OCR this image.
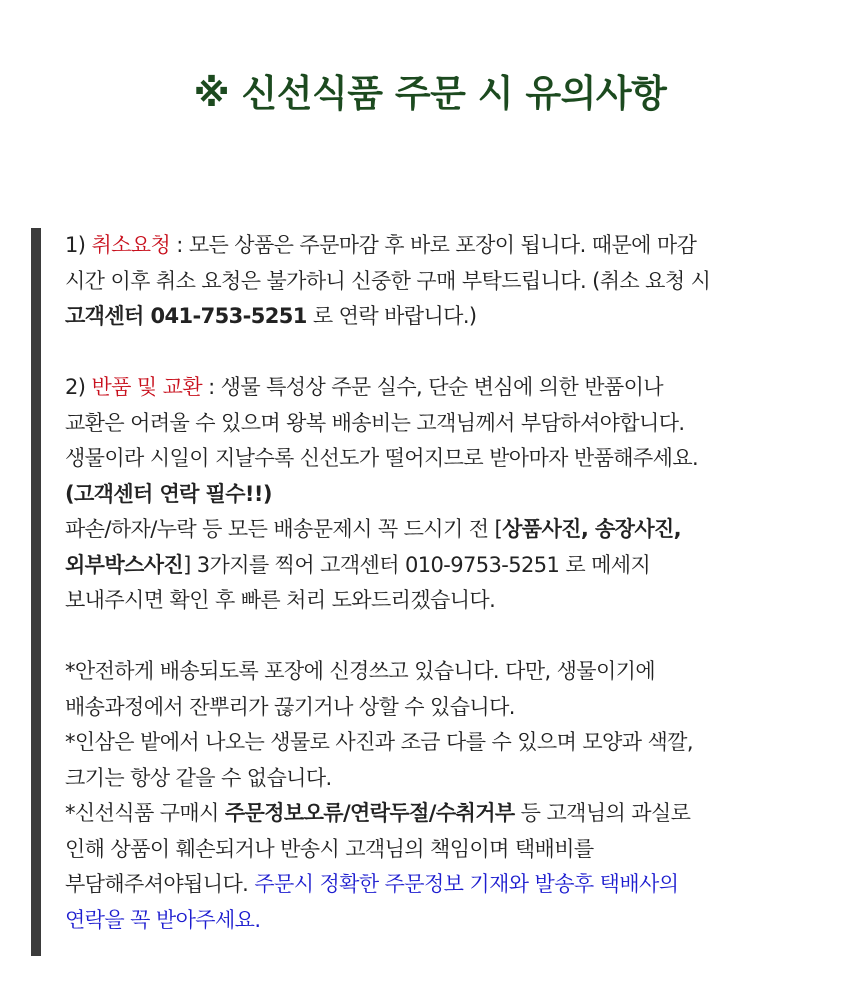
※ 신선식품 주문 시 유의사항
1) 취소요청 : 모든 상품은 주문마감 후 바로 포장이 됩니다. 때문에 마감
시간 이후 취소 요청은 불가하니 신중한 구매 부탁드립니다. (취소 요청 시
고객센터 041-753-5251 로 연락 바랍니다.)
2) 반품 및 교환 : 생물 특성상 주문 실수, 단순 변심에 의한 반품이나
교환은 어려울 수 있으며 왕복 배송비는 고객님께서 부담하셔야합니다.
생물이라 시일이 지날수록 신선도가 떨어지므로 받아마자 반품해주세요.
(고객센터 연락 필수!!)
파손/하자/누락 등 모든 배송문제시 꼭 드시기 전 [상품사진, 송장사진,
외부박스사진] 3가지를 찍어 고객센터 010-9753-5251 로 메세지
보내주시면 확인 후 빠른 처리 도와드리겠습니다.
*안전하게 배송되도록 포장에 신경쓰고 있습니다. 다만, 생물이기에
배송과정에서 잔뿌리가 끊기거나 상할 수 있습니다.
*인삼은 밭에서 나오는 생물로 사진과 조금 다를 수 있으며 모양과 색깔,
크기는 항상 같을 수 없습니다.
*신선식품 구매시 주문정보오류/연락두절/수취거부 등 고객님의 과실로
인해 상품이 훼손되거나 반송시 고객님의 책임이며 택배비를
부담해주셔야됩니다. 주문시 정확한 주문정보 기재와 발송후 택배사의
연락을 꼭 받아주세요.
